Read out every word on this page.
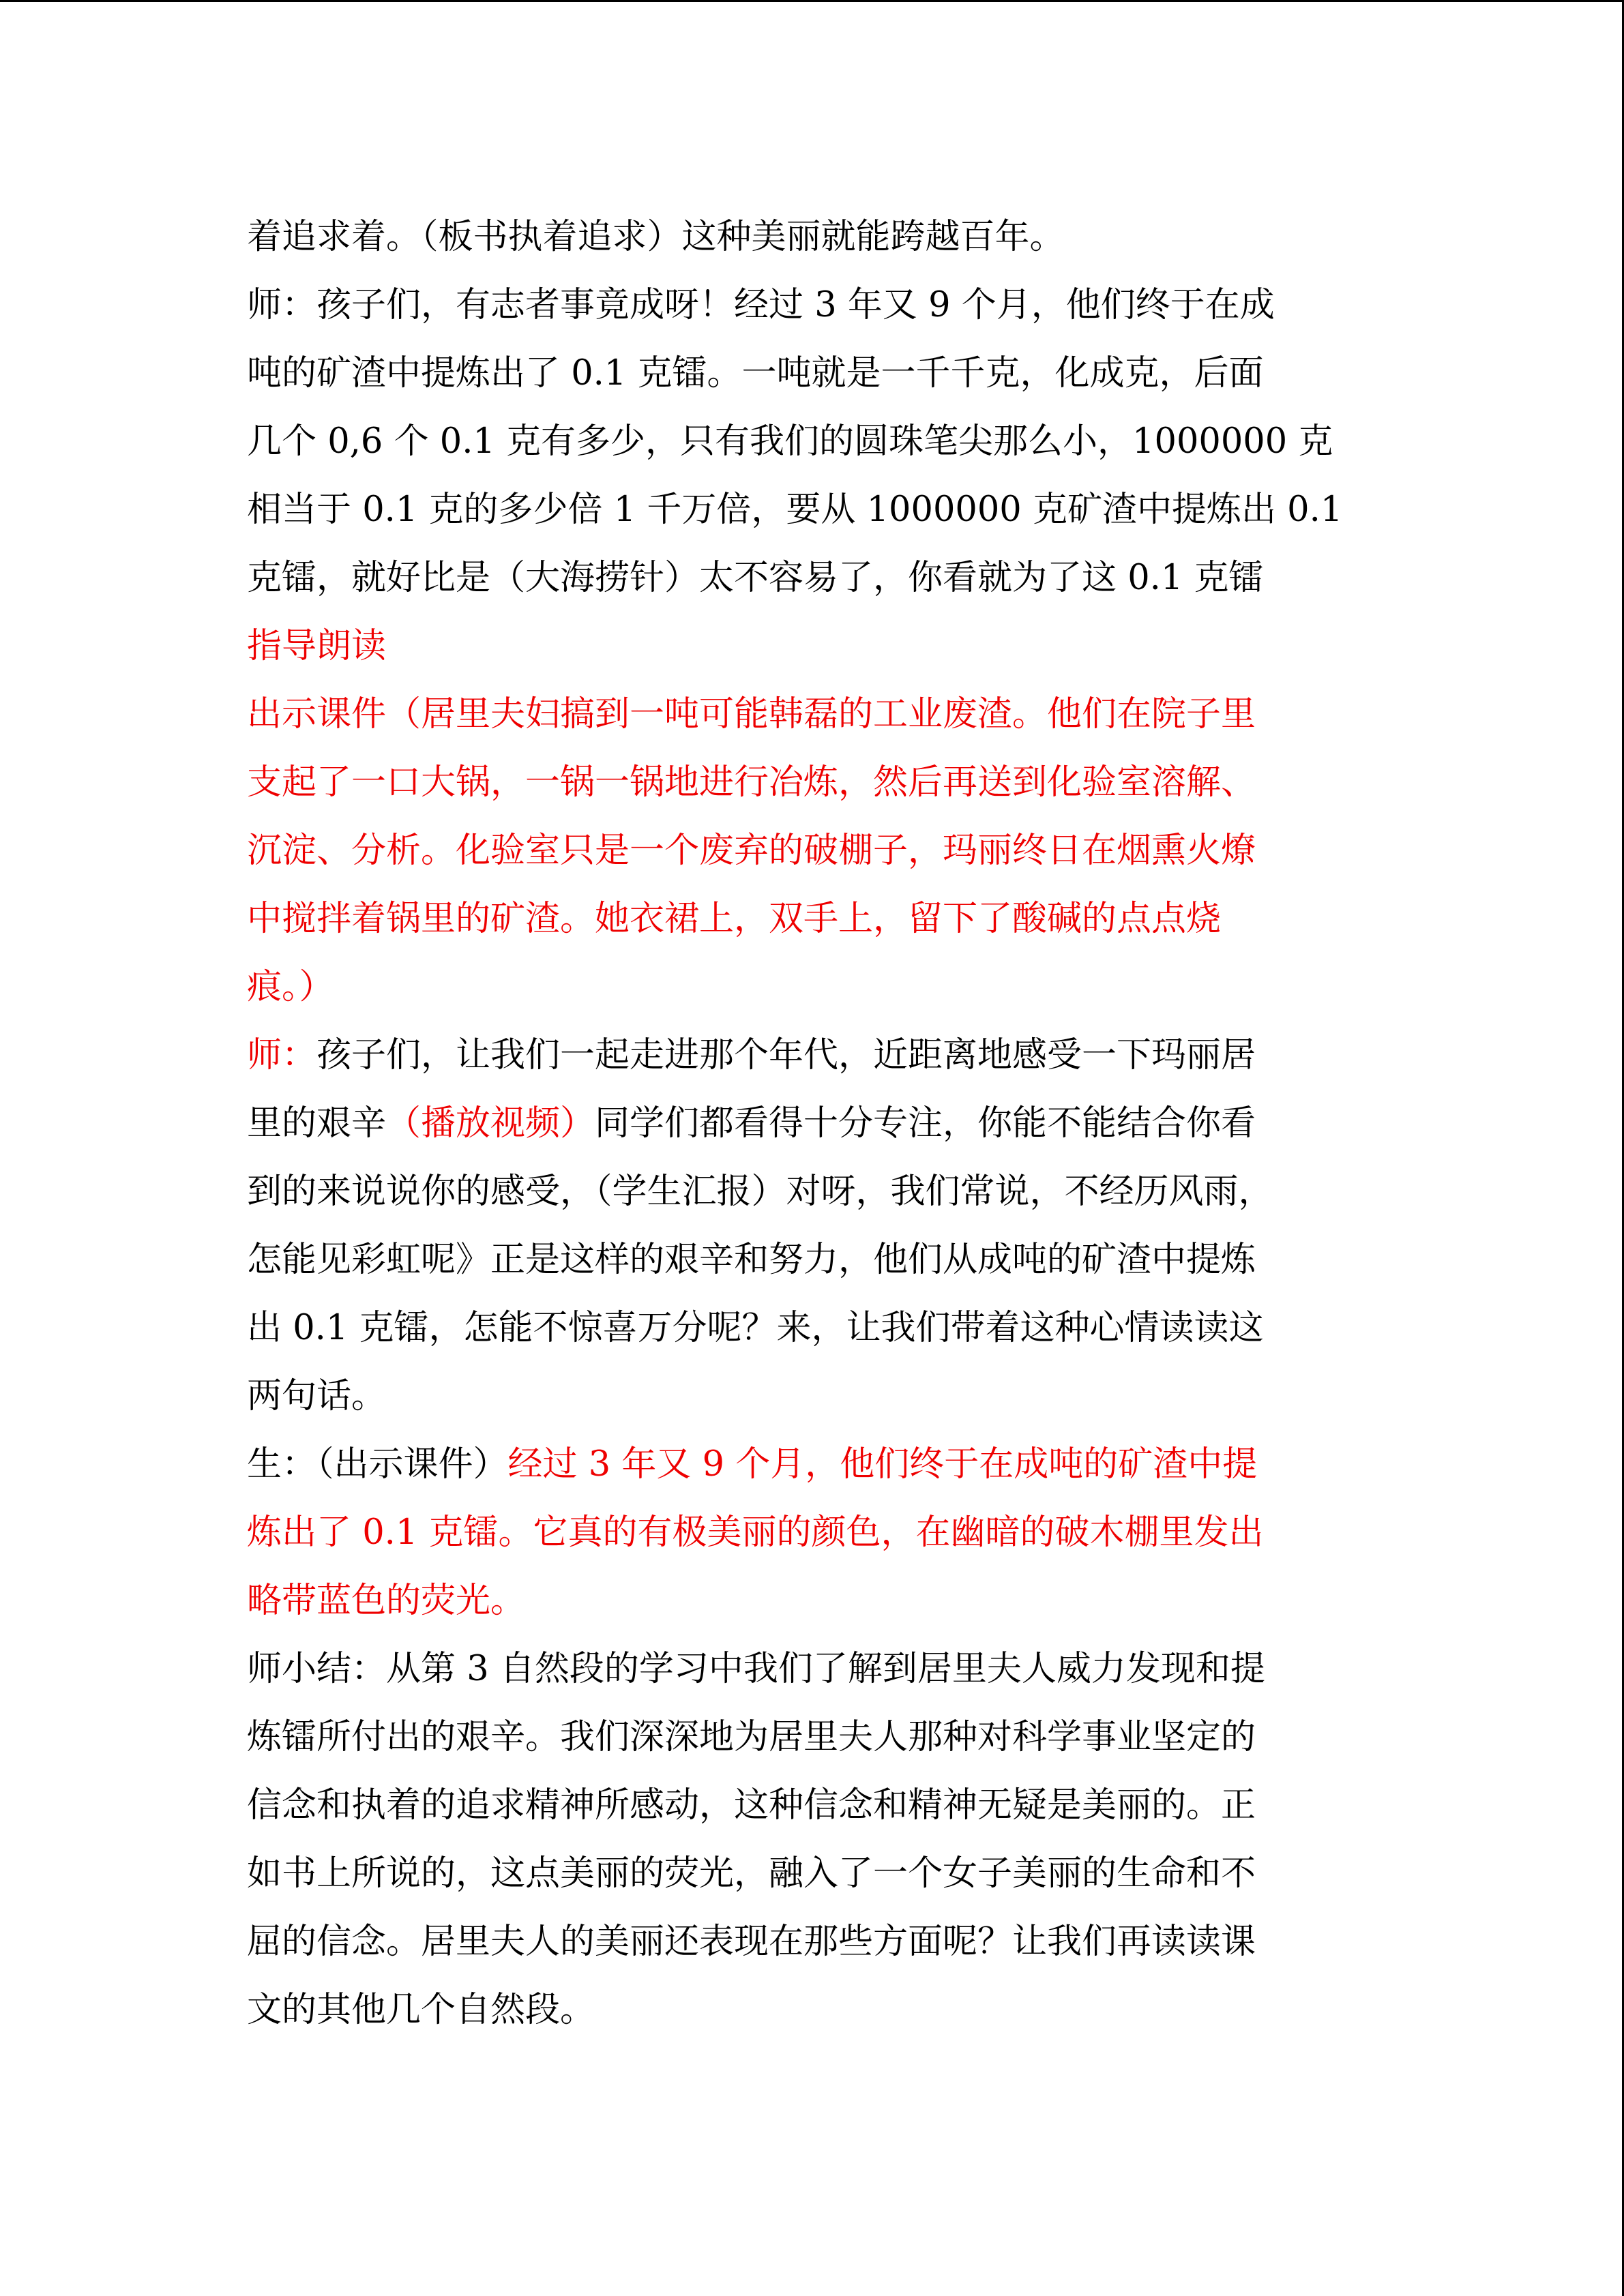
着追求着。（板书执着追求）这种美丽就能跨越百年。
师：孩子们，有志者事竟成呀！经过 3 年又 9 个月，他们终于在成
吨的矿渣中提炼出了 0.1 克镭。一吨就是一千千克，化成克，后面
几个 0,6 个 0.1 克有多少，只有我们的圆珠笔尖那么小，1000000 克
相当于 0.1 克的多少倍 1 千万倍，要从 1000000 克矿渣中提炼出 0.1
克镭，就好比是（大海捞针）太不容易了，你看就为了这 0.1 克镭
指导朗读
出示课件（居里夫妇搞到一吨可能韩磊的工业废渣。他们在院子里
支起了一口大锅，一锅一锅地进行冶炼，然后再送到化验室溶解、
沉淀、分析。化验室只是一个废弃的破棚子，玛丽终日在烟熏火燎
中搅拌着锅里的矿渣。她衣裙上，双手上，留下了酸碱的点点烧
痕。）
师：孩子们，让我们一起走进那个年代，近距离地感受一下玛丽居
里的艰辛（播放视频）同学们都看得十分专注，你能不能结合你看
到的来说说你的感受，（学生汇报）对呀，我们常说，不经历风雨，
怎能见彩虹呢》正是这样的艰辛和努力，他们从成吨的矿渣中提炼
出 0.1 克镭，怎能不惊喜万分呢？来，让我们带着这种心情读读这
两句话。
生：（出示课件）经过 3 年又 9 个月，他们终于在成吨的矿渣中提
炼出了 0.1 克镭。它真的有极美丽的颜色，在幽暗的破木棚里发出
略带蓝色的荧光。
师小结：从第 3 自然段的学习中我们了解到居里夫人威力发现和提
炼镭所付出的艰辛。我们深深地为居里夫人那种对科学事业坚定的
信念和执着的追求精神所感动，这种信念和精神无疑是美丽的。正
如书上所说的，这点美丽的荧光，融入了一个女子美丽的生命和不
屈的信念。居里夫人的美丽还表现在那些方面呢？让我们再读读课
文的其他几个自然段。
